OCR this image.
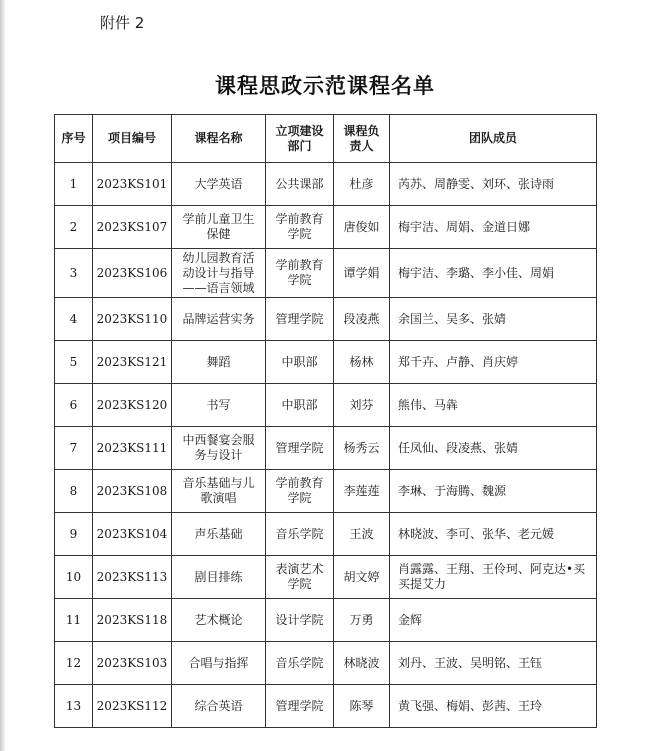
附件 2
课程思政示范课程名单
序号	项目编号	课程名称	立项建设部门	课程负责人	团队成员
1	2023KS101	大学英语	公共课部	杜彦	芮苏、周静雯、刘环、张诗雨
2	2023KS107	学前儿童卫生保健	学前教育学院	唐俊如	梅宇洁、周娟、金道日娜
3	2023KS106	幼儿园教育活动设计与指导——语言领域	学前教育学院	谭学娟	梅宇洁、李璐、李小佳、周娟
4	2023KS110	品牌运营实务	管理学院	段凌燕	余国兰、吴多、张婧
5	2023KS121	舞蹈	中职部	杨林	郑千卉、卢静、肖庆婷
6	2023KS120	书写	中职部	刘芬	熊伟、马犇
7	2023KS111	中西餐宴会服务与设计	管理学院	杨秀云	任凤仙、段凌燕、张婧
8	2023KS108	音乐基础与儿歌演唱	学前教育学院	李莲莲	李琳、于海腾、魏源
9	2023KS104	声乐基础	音乐学院	王波	林晓波、李可、张华、老元媛
10	2023KS113	剧目排练	表演艺术学院	胡文婷	肖露露、王翔、王伶珂、阿克达•买买提艾力
11	2023KS118	艺术概论	设计学院	万勇	金辉
12	2023KS103	合唱与指挥	音乐学院	林晓波	刘丹、王波、吴明铭、王钰
13	2023KS112	综合英语	管理学院	陈琴	黄飞强、梅娟、彭茜、王玲
